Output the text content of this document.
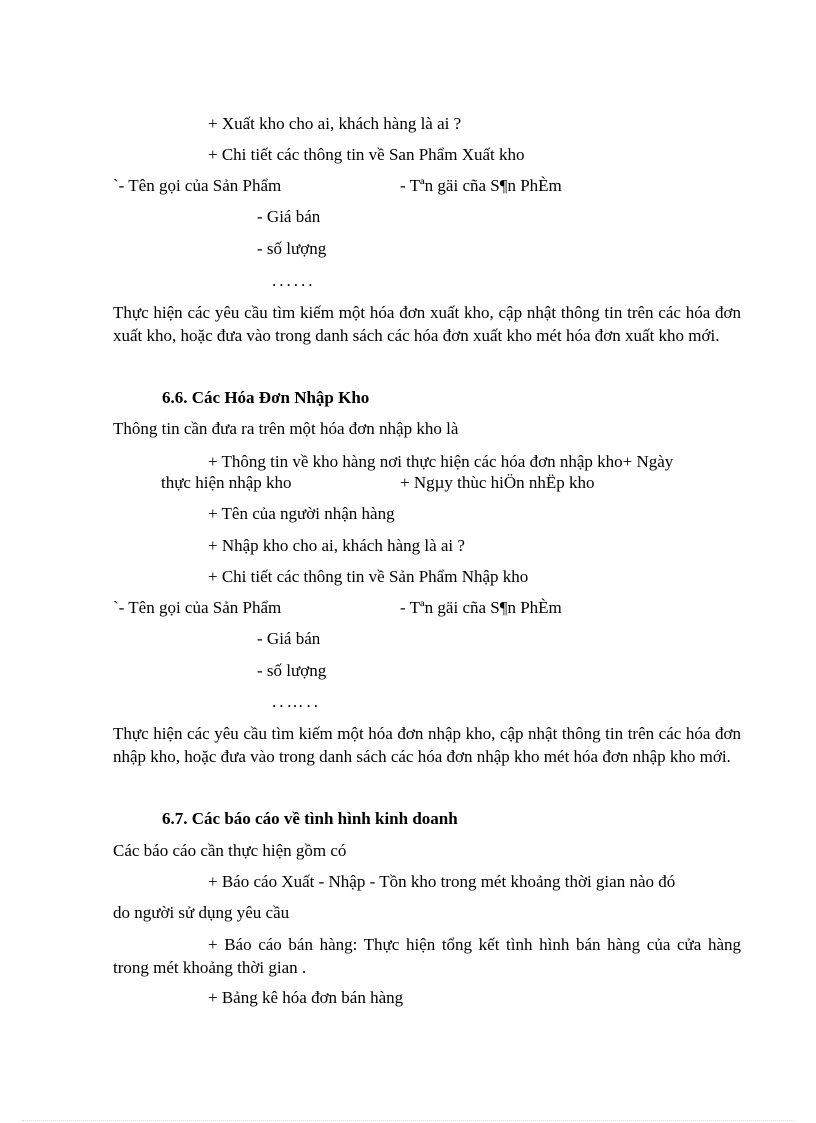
+ Xuất kho cho ai, khách hàng là ai ?
+ Chi tiết các thông tin về San Phẩm Xuất kho
`- Tên gọi của Sản Phẩm	- Tªn gäi cña S¶n PhÈm
- Giá bán
- số lượng
......
Thực hiện các yêu cầu tìm kiếm một hóa đơn xuất kho, cập nhật thông tin trên các hóa đơn xuất kho, hoặc đưa vào trong danh sách các hóa đơn xuất kho mét hóa đơn xuất kho mới.
6.6. Các Hóa Đơn Nhập Kho
Thông tin cần đưa ra trên một hóa đơn nhập kho là
+ Thông tin về kho hàng nơi thực hiện các hóa đơn nhập kho+ Ngày
thực hiện nhập kho	+ Ngµy thùc hiÖn nhËp kho
+ Tên của người nhận hàng
+ Nhập kho cho ai, khách hàng là ai ?
+ Chi tiết các thông tin về Sản Phẩm Nhập kho
`- Tên gọi của Sản Phẩm	- Tªn gäi cña S¶n PhÈm
- Giá bán
- số lượng
..…..
Thực hiện các yêu cầu tìm kiếm một hóa đơn nhập kho, cập nhật thông tin trên các hóa đơn nhập kho, hoặc đưa vào trong danh sách các hóa đơn nhập kho mét hóa đơn nhập kho mới.
6.7. Các báo cáo về tình hình kinh doanh
Các báo cáo cần thực hiện gồm có
+ Báo cáo Xuất - Nhập - Tồn kho trong mét khoảng thời gian nào đó
do người sử dụng yêu cầu
+ Báo cáo bán hàng: Thực hiện tổng kết tình hình bán hàng của cửa hàng trong mét khoảng thời gian .
+ Bảng kê hóa đơn bán hàng
